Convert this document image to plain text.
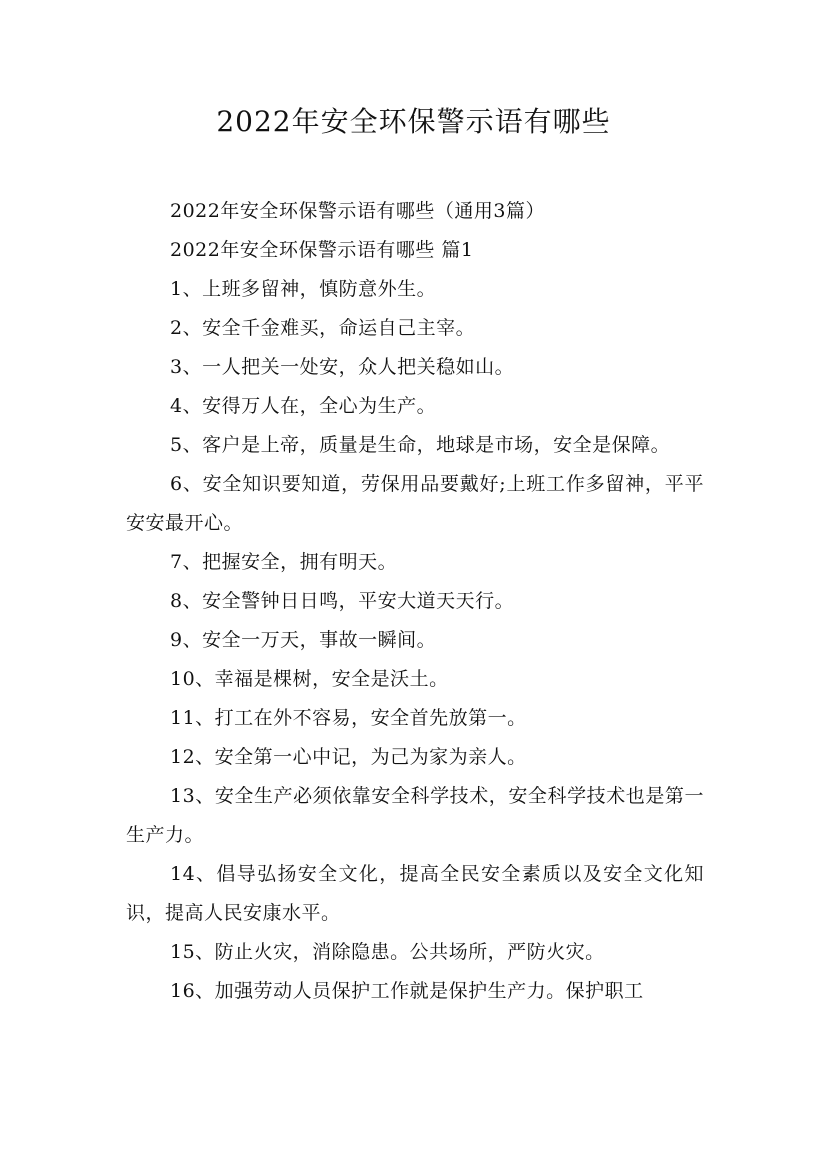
2022年安全环保警示语有哪些

2022年安全环保警示语有哪些（通用3篇）

2022年安全环保警示语有哪些 篇1

1、上班多留神，慎防意外生。

2、安全千金难买，命运自己主宰。

3、一人把关一处安，众人把关稳如山。

4、安得万人在，全心为生产。

5、客户是上帝，质量是生命，地球是市场，安全是保障。

6、安全知识要知道，劳保用品要戴好;上班工作多留神，平平安安最开心。

7、把握安全，拥有明天。

8、安全警钟日日鸣，平安大道天天行。

9、安全一万天，事故一瞬间。

10、幸福是棵树，安全是沃土。

11、打工在外不容易，安全首先放第一。

12、安全第一心中记，为己为家为亲人。

13、安全生产必须依靠安全科学技术，安全科学技术也是第一生产力。

14、倡导弘扬安全文化，提高全民安全素质以及安全文化知识，提高人民安康水平。

15、防止火灾，消除隐患。公共场所，严防火灾。

16、加强劳动人员保护工作就是保护生产力。保护职工
